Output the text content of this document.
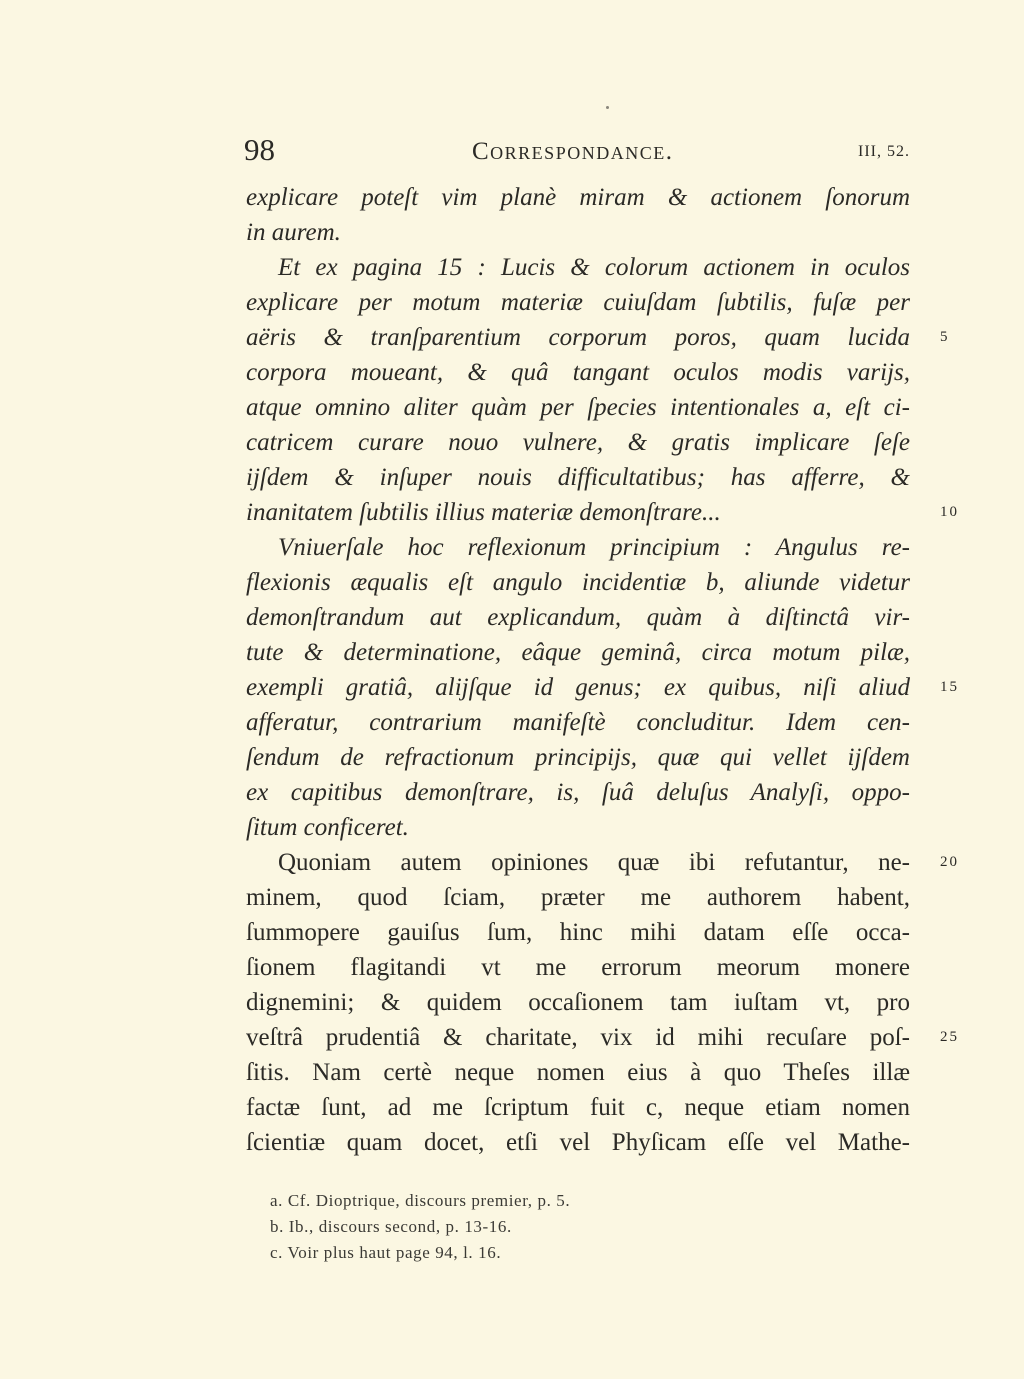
98	Correspondance.	III, 52.
explicare poteſt vim planè miram & actionem ſonorum
in aurem.
Et ex pagina 15 : Lucis & colorum actionem in oculos
explicare per motum materiæ cuiuſdam ſubtilis, fuſæ per
aëris & tranſparentium corporum poros, quam lucida 5
corpora moueant, & quâ tangant oculos modis varijs,
atque omnino aliter quàm per ſpecies intentionales a, eſt ci-
catricem curare nouo vulnere, & gratis implicare ſeſe
ijſdem & inſuper nouis difficultatibus; has afferre, &
inanitatem ſubtilis illius materiæ demonſtrare...	10
Vniuerſale hoc reflexionum principium : Angulus re-
flexionis æqualis eſt angulo incidentiæ b, aliunde videtur
demonſtrandum aut explicandum, quàm à diſtinctâ vir-
tute & determinatione, eâque geminâ, circa motum pilæ,
exempli gratiâ, alijſque id genus; ex quibus, niſi aliud 15
afferatur, contrarium manifeſtè concluditur. Idem cen-
ſendum de refractionum principijs, quæ qui vellet ijſdem
ex capitibus demonſtrare, is, ſuâ deluſus Analyſi, oppo-
ſitum conficeret.
Quoniam autem opiniones quæ ibi refutantur, ne- 20
minem, quod ſciam, præter me authorem habent,
ſummopere gauiſus ſum, hinc mihi datam eſſe occa-
ſionem flagitandi vt me errorum meorum monere
dignemini; & quidem occaſionem tam iuſtam vt, pro
veſtrâ prudentiâ & charitate, vix id mihi recuſare poſ- 25
ſitis. Nam certè neque nomen eius à quo Theſes illæ
factæ ſunt, ad me ſcriptum fuit c, neque etiam nomen
ſcientiæ quam docet, etſi vel Phyſicam eſſe vel Mathe-
a. Cf. Dioptrique, discours premier, p. 5.
b. Ib., discours second, p. 13-16.
c. Voir plus haut page 94, l. 16.
